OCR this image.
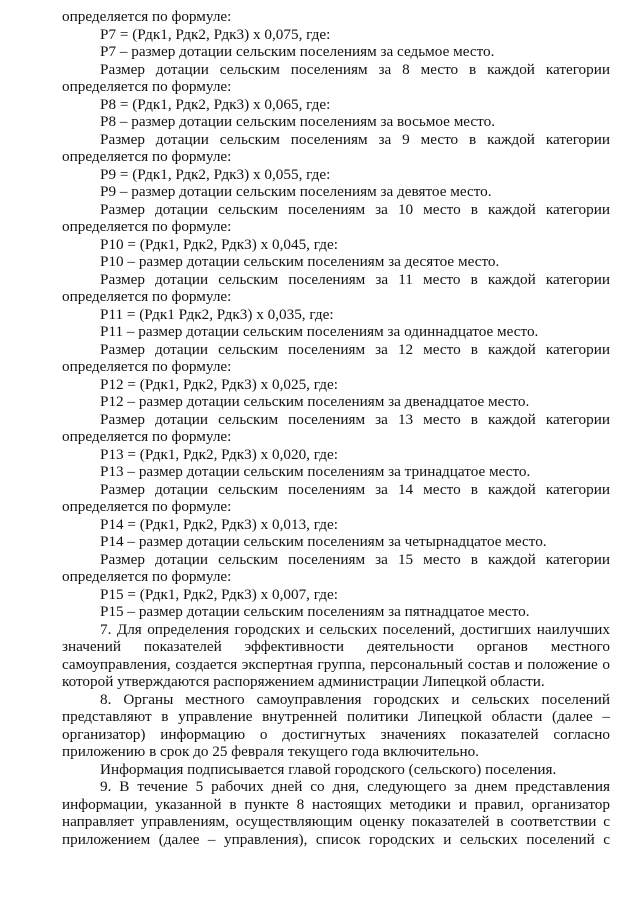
определяется по формуле:
Р7 = (Рдк1, Рдк2, Рдк3) х 0,075, где:
Р7 – размер дотации сельским поселениям за седьмое место.
Размер дотации сельским поселениям за 8 место в каждой категории
определяется по формуле:
Р8 = (Рдк1, Рдк2, Рдк3) х 0,065, где:
Р8 – размер дотации сельским поселениям за восьмое место.
Размер дотации сельским поселениям за 9 место в каждой категории
определяется по формуле:
Р9 = (Рдк1, Рдк2, Рдк3) х 0,055, где:
Р9 – размер дотации сельским поселениям за девятое место.
Размер дотации сельским поселениям за 10 место в каждой категории
определяется по формуле:
Р10 = (Рдк1, Рдк2, Рдк3) х 0,045, где:
Р10 – размер дотации сельским поселениям за десятое место.
Размер дотации сельским поселениям за 11 место в каждой категории
определяется по формуле:
Р11 = (Рдк1 Рдк2, Рдк3) х 0,035, где:
Р11 – размер дотации сельским поселениям за одиннадцатое место.
Размер дотации сельским поселениям за 12 место в каждой категории
определяется по формуле:
Р12 = (Рдк1, Рдк2, Рдк3) х 0,025, где:
Р12 – размер дотации сельским поселениям за двенадцатое место.
Размер дотации сельским поселениям за 13 место в каждой категории
определяется по формуле:
Р13 = (Рдк1, Рдк2, Рдк3) х 0,020, где:
Р13 – размер дотации сельским поселениям за тринадцатое место.
Размер дотации сельским поселениям за 14 место в каждой категории
определяется по формуле:
Р14 = (Рдк1, Рдк2, Рдк3) х 0,013, где:
Р14 – размер дотации сельским поселениям за четырнадцатое место.
Размер дотации сельским поселениям за 15 место в каждой категории
определяется по формуле:
Р15 = (Рдк1, Рдк2, Рдк3) х 0,007, где:
Р15 – размер дотации сельским поселениям за пятнадцатое место.
7. Для определения городских и сельских поселений, достигших наилучших
значений показателей эффективности деятельности органов местного
самоуправления, создается экспертная группа, персональный состав и положение о
которой утверждаются распоряжением администрации Липецкой области.
8. Органы местного самоуправления городских и сельских поселений
представляют в управление внутренней политики Липецкой области (далее –
организатор) информацию о достигнутых значениях показателей согласно
приложению в срок до 25 февраля текущего года включительно.
Информация подписывается главой городского (сельского) поселения.
9. В течение 5 рабочих дней со дня, следующего за днем представления
информации, указанной в пункте 8 настоящих методики и правил, организатор
направляет управлениям, осуществляющим оценку показателей в соответствии с
приложением (далее – управления), список городских и сельских поселений с
